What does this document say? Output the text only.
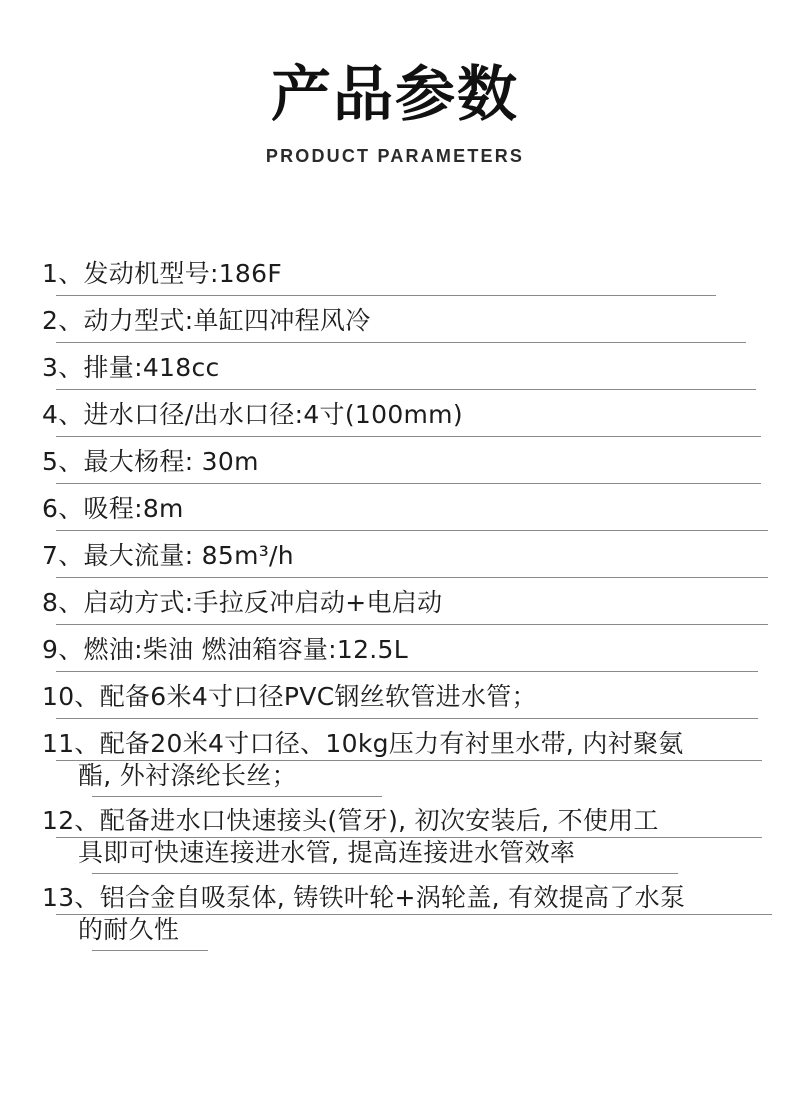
产品参数
PRODUCT PARAMETERS
1、发动机型号:186F
2、动力型式:单缸四冲程风冷
3、排量:418cc
4、进水口径/出水口径:4寸(100mm)
5、最大杨程: 30m
6、吸程:8m
7、最大流量: 85m³/h
8、启动方式:手拉反冲启动+电启动
9、燃油:柴油 燃油箱容量:12.5L
10、配备6米4寸口径PVC钢丝软管进水管；
11、配备20米4寸口径、10kg压力有衬里水带, 内衬聚氨
酯, 外衬涤纶长丝；
12、配备进水口快速接头(管牙), 初次安装后, 不使用工
具即可快速连接进水管, 提高连接进水管效率
13、铝合金自吸泵体, 铸铁叶轮+涡轮盖, 有效提高了水泵
的耐久性
